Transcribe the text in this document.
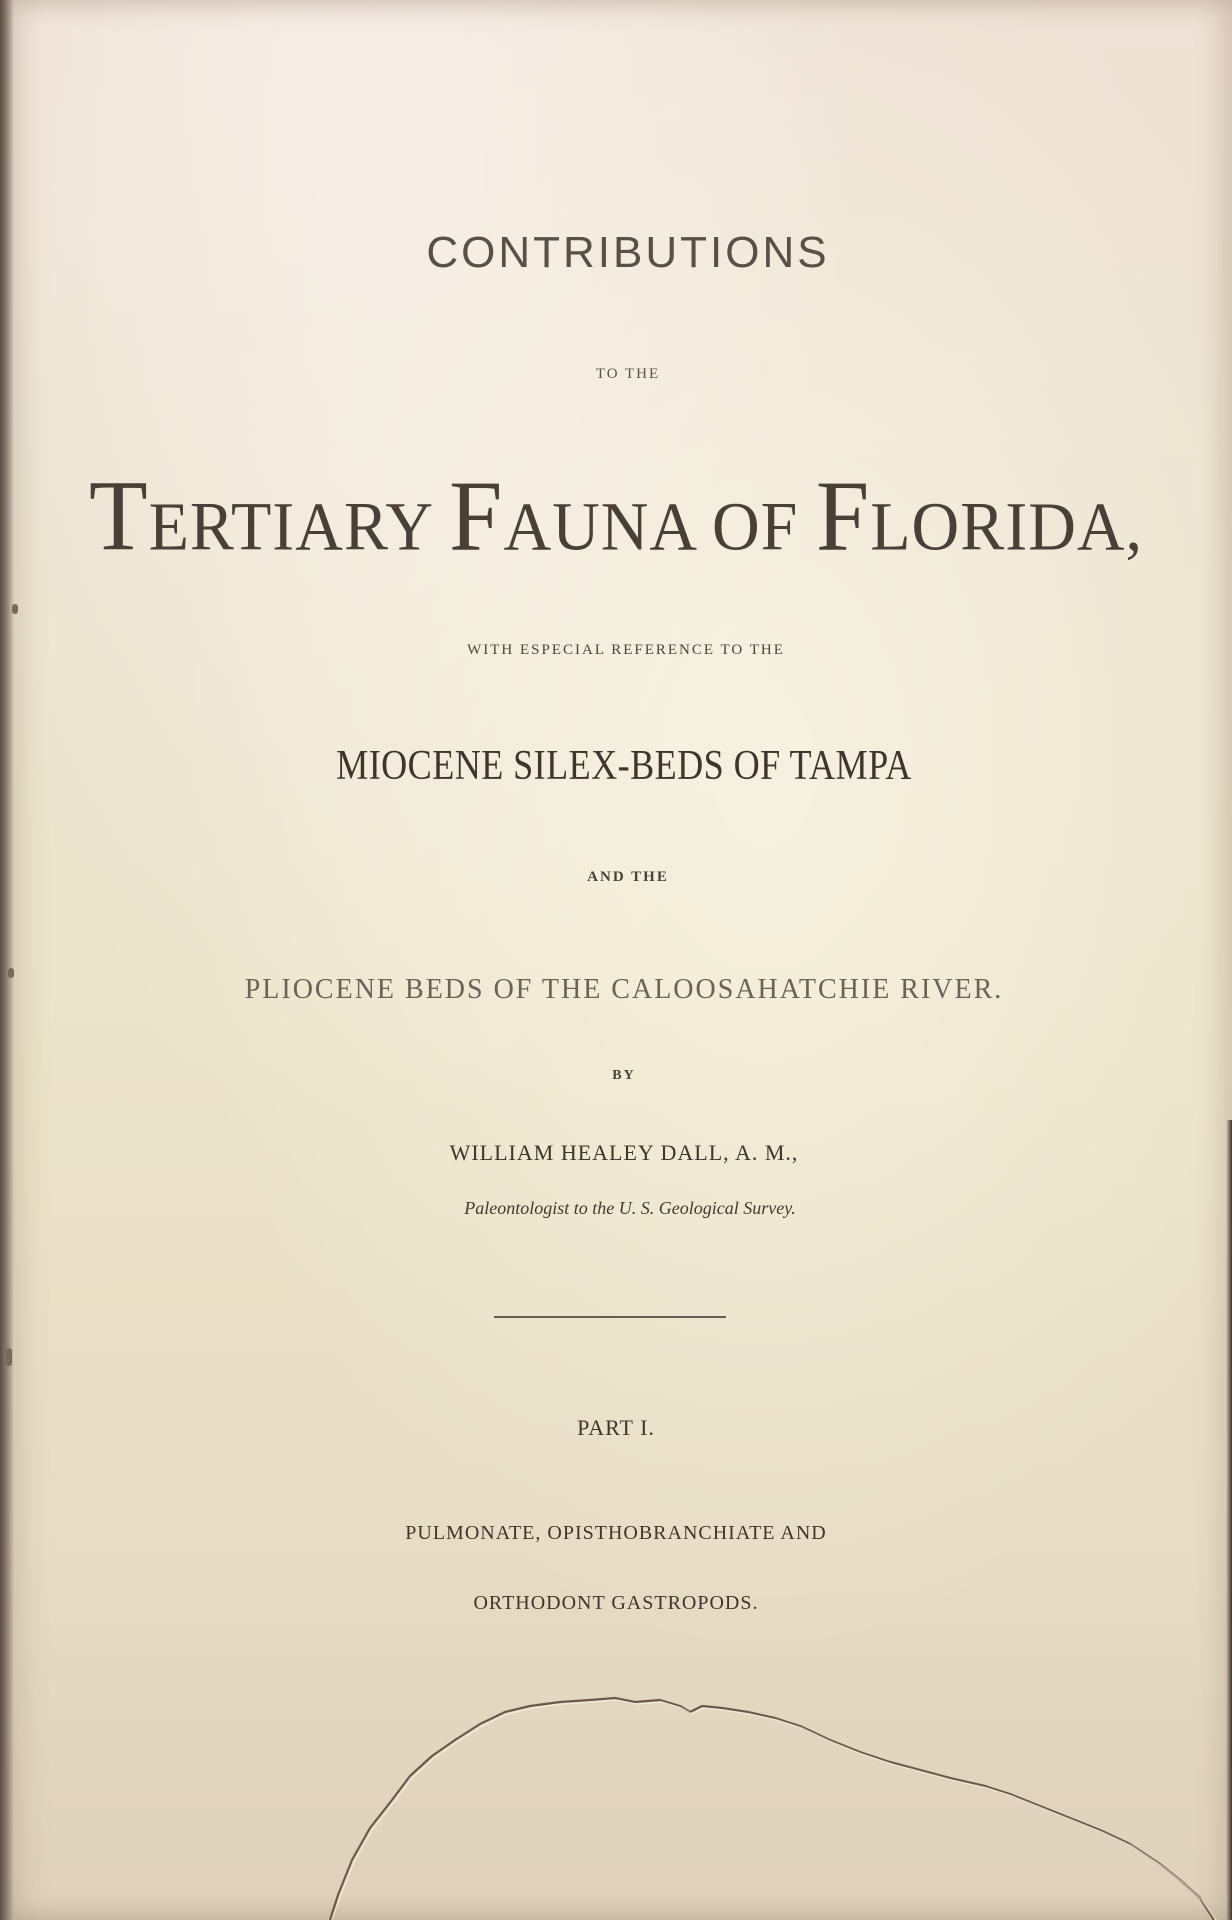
CONTRIBUTIONS

TO THE

TERTIARY FAUNA OF FLORIDA,

WITH ESPECIAL REFERENCE TO THE

MIOCENE SILEX-BEDS OF TAMPA

AND THE

PLIOCENE BEDS OF THE CALOOSAHATCHIE RIVER.

BY

WILLIAM HEALEY DALL, A. M.,

Paleontologist to the U. S. Geological Survey.

PART I.

PULMONATE, OPISTHOBRANCHIATE AND

ORTHODONT GASTROPODS.
